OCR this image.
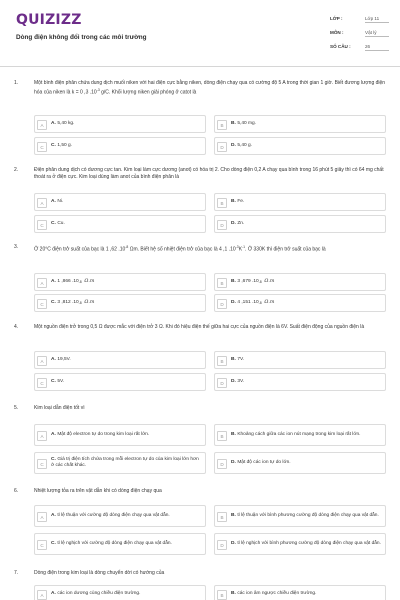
QUIZIZZ
Dòng điện không đổi trong các môi trường
LỚP :	Lớp 11
MÔN :	Vật lý
SỐ CÂU :	26
1.	Một bình điện phân chứa dung dịch muối niken với hai điện cực bằng niken, dòng điện chạy qua có cường độ 5 A trong thời gian 1 giờ. Biết đương lượng điện hóa của niken là k = 0 ,3 $.10^{-3}$ g/C. Khối lượng niken giải phóng ở catot là
A	A. 5,40 kg.	B	B. 5,40 mg.
C	C. 1,50 g.	D	D. 5,40 g.
2.	Điện phân dung dịch có dương cực tan. Kim loại làm cực dương (anot) có hóa trị 2. Cho dòng điện 0,2 A chạy qua bình trong 16 phút 5 giây thì có 64 mg chất thoát ra ở điện cực. Kim loại dùng làm anot của bình điện phân là
A	A. Ni.	B	B. Fe.
C	C. Cu.	D	D. Zn.
3.	Ở 20°C điện trở suất của bạc là 1 ,62 $.10^{-8}$ Ωm. Biết hệ số nhiệt điện trở của bạc là 4 ,1 $.10^{-3}K^{-1}$. Ở 330K thì điện trở suất của bạc là
A	A. 1 ,866 .10 -8
Ω.m	B	B. 3 ,679 .10 -8
Ω.m
C	C. 3 ,812 .10 -8
Ω.m	D	D. 4 ,151 .10 -8
Ω.m
4.	Một nguồn điện trở trong 0,5 Ω được mắc với điện trở 3 Ω. Khi đó hiệu điện thế giữa hai cực của nguồn điện là 6V. Suất điện động của nguồn điện là
A	A. 19,5V.	B	B. 7V.
C	C. 5V.	D	D. 3V.
5.	Kim loại dẫn điện tốt vì
A	A. Mật độ electron tự do trong kim loại rất lớn.	B	B. Khoảng cách giữa các ion nút mạng trong kim loại rất lớn.
C
C. Giá trị điện tích chứa trong mỗi electron tự do của kim loại lớn hơn ở các chất khác.	D	D. Mật độ các ion tự do lớn.
6.	Nhiệt lượng tỏa ra trên vật dẫn khi có dòng điện chạy qua
A	A. tỉ lệ thuận với cường độ dòng điện chạy qua vật dẫn.	B	B. tỉ lệ thuận với bình phương cường độ dòng điện chạy qua vật dẫn.
C	C. tỉ lệ nghịch với cường độ dòng điện chạy qua vật dẫn.	D	D. tỉ lệ nghịch với bình phương cường độ dòng điện chạy qua vật dẫn.
7.	Dòng điện trong kim loại là dòng chuyển dời có hướng của
A	A. các ion dương cùng chiều điện trường.	B	B. các ion âm ngược chiều điện trường.
